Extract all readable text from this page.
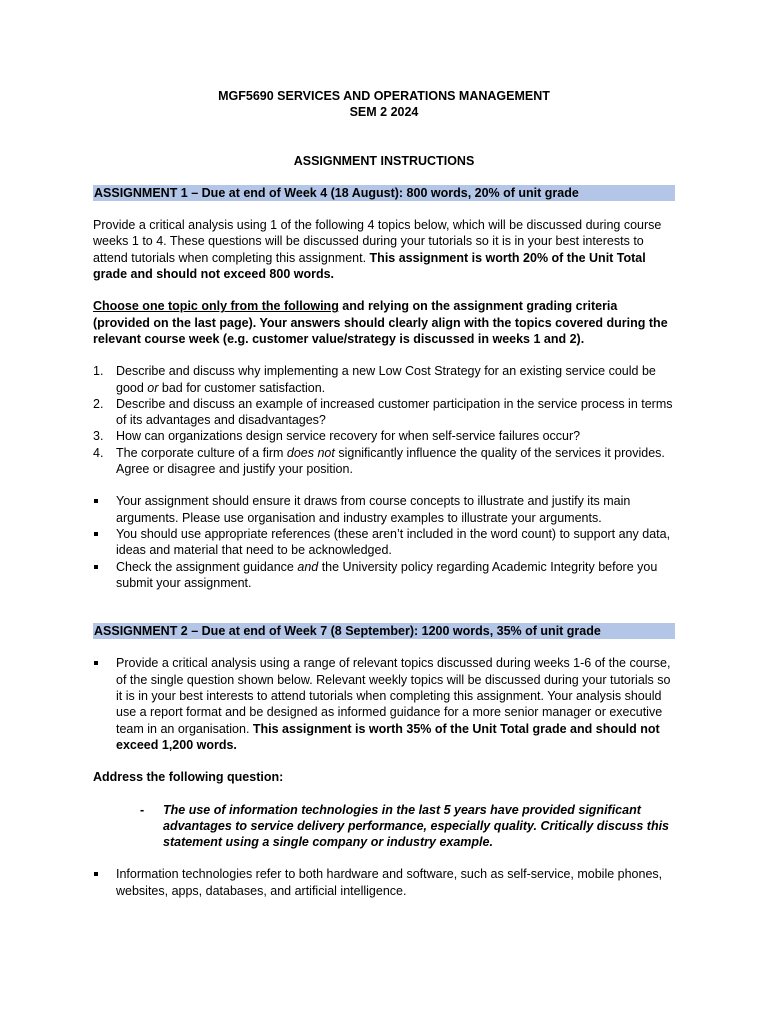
MGF5690 SERVICES AND OPERATIONS MANAGEMENT

SEM 2 2024

ASSIGNMENT INSTRUCTIONS

ASSIGNMENT 1 – Due at end of Week 4 (18 August): 800 words, 20% of unit grade

Provide a critical analysis using 1 of the following 4 topics below, which will be discussed during course weeks 1 to 4. These questions will be discussed during your tutorials so it is in your best interests to attend tutorials when completing this assignment. This assignment is worth 20% of the Unit Total grade and should not exceed 800 words.

Choose one topic only from the following and relying on the assignment grading criteria (provided on the last page). Your answers should clearly align with the topics covered during the relevant course week (e.g. customer value/strategy is discussed in weeks 1 and 2).

1. Describe and discuss why implementing a new Low Cost Strategy for an existing service could be good or bad for customer satisfaction.
2. Describe and discuss an example of increased customer participation in the service process in terms of its advantages and disadvantages?
3. How can organizations design service recovery for when self-service failures occur?
4. The corporate culture of a firm does not significantly influence the quality of the services it provides. Agree or disagree and justify your position.
Your assignment should ensure it draws from course concepts to illustrate and justify its main arguments. Please use organisation and industry examples to illustrate your arguments.
You should use appropriate references (these aren’t included in the word count) to support any data, ideas and material that need to be acknowledged.
Check the assignment guidance and the University policy regarding Academic Integrity before you submit your assignment.

ASSIGNMENT 2 – Due at end of Week 7 (8 September): 1200 words, 35% of unit grade

Provide a critical analysis using a range of relevant topics discussed during weeks 1-6 of the course, of the single question shown below. Relevant weekly topics will be discussed during your tutorials so it is in your best interests to attend tutorials when completing this assignment. Your analysis should use a report format and be designed as informed guidance for a more senior manager or executive team in an organisation. This assignment is worth 35% of the Unit Total grade and should not exceed 1,200 words.

Address the following question:

- The use of information technologies in the last 5 years have provided significant advantages to service delivery performance, especially quality. Critically discuss this statement using a single company or industry example.
Information technologies refer to both hardware and software, such as self-service, mobile phones, websites, apps, databases, and artificial intelligence.
